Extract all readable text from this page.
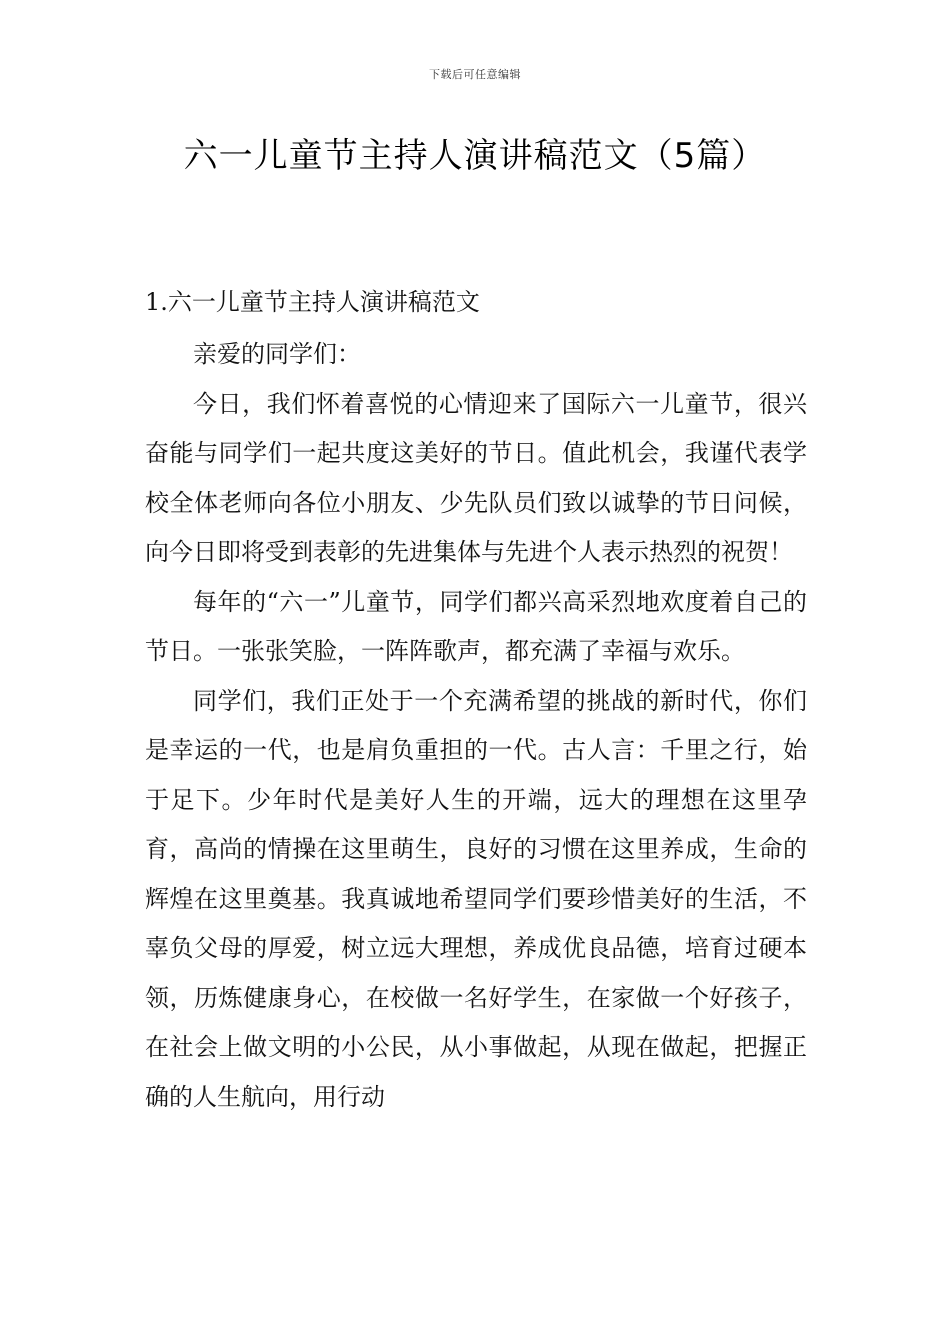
下载后可任意编辑
六一儿童节主持人演讲稿范文（5篇）
1.六一儿童节主持人演讲稿范文

亲爱的同学们：

今日，我们怀着喜悦的心情迎来了国际六一儿童节，很兴奋能与同学们一起共度这美好的节日。值此机会，我谨代表学校全体老师向各位小朋友、少先队员们致以诚挚的节日问候，向今日即将受到表彰的先进集体与先进个人表示热烈的祝贺！

每年的“六一”儿童节，同学们都兴高采烈地欢度着自己的节日。一张张笑脸，一阵阵歌声，都充满了幸福与欢乐。

同学们，我们正处于一个充满希望的挑战的新时代，你们是幸运的一代，也是肩负重担的一代。古人言：千里之行，始于足下。少年时代是美好人生的开端，远大的理想在这里孕育，高尚的情操在这里萌生，良好的习惯在这里养成，生命的辉煌在这里奠基。我真诚地希望同学们要珍惜美好的生活，不辜负父母的厚爱，树立远大理想，养成优良品德，培育过硬本领，历炼健康身心，在校做一名好学生，在家做一个好孩子，在社会上做文明的小公民，从小事做起，从现在做起，把握正确的人生航向，用行动
